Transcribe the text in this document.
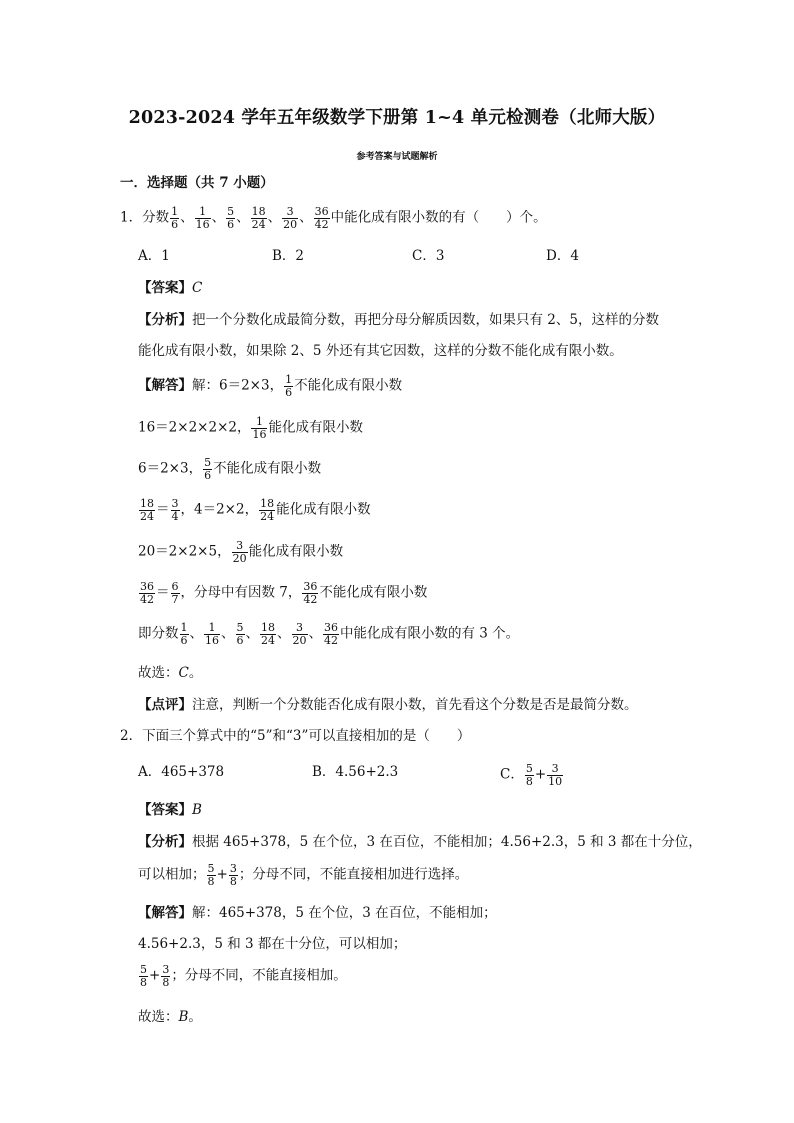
2023-2024 学年五年级数学下册第 1~4 单元检测卷（北师大版）
参考答案与试题解析
一．选择题（共 7 小题）
1．分数 $\frac{1}{6}$ 、 $\frac{1}{16}$ 、 $\frac{5}{6}$ 、 $\frac{18}{24}$ 、 $\frac{3}{20}$ 、 $\frac{36}{42}$ 中能化成有限小数的有（　　）个。
A．1	B．2	C．3	D．4
【答案】C
【分析】把一个分数化成最简分数，再把分母分解质因数，如果只有 2、5，这样的分数
能化成有限小数，如果除 2、5 外还有其它因数，这样的分数不能化成有限小数。
【解答】解：6＝2×3， $\frac{1}{6}$ 不能化成有限小数
16＝2×2×2×2， $\frac{1}{16}$ 能化成有限小数
6＝2×3， $\frac{5}{6}$ 不能化成有限小数
$\frac{18}{24} = \frac{3}{4}$ ，4＝2×2， $\frac{18}{24}$ 能化成有限小数
20＝2×2×5， $\frac{3}{20}$ 能化成有限小数
$\frac{36}{42} = \frac{6}{7}$ ，分母中有因数 7， $\frac{36}{42}$ 不能化成有限小数
即分数 $\frac{1}{6}$ 、 $\frac{1}{16}$ 、 $\frac{5}{6}$ 、 $\frac{18}{24}$ 、 $\frac{3}{20}$ 、 $\frac{36}{42}$ 中能化成有限小数的有 3 个。
故选：C。
【点评】注意，判断一个分数能否化成有限小数，首先看这个分数是否是最简分数。
2．下面三个算式中的“5”和“3”可以直接相加的是（　　）
A．465+378	B．4.56+2.3	C． $\frac{5}{8} + \frac{3}{10}$
【答案】B
【分析】根据 465+378，5 在个位，3 在百位，不能相加；4.56+2.3，5 和 3 都在十分位，
可以相加； $\frac{5}{8} + \frac{3}{8}$ ；分母不同，不能直接相加进行选择。
【解答】解：465+378，5 在个位，3 在百位，不能相加；
4.56+2.3，5 和 3 都在十分位，可以相加；
$\frac{5}{8} + \frac{3}{8}$ ；分母不同，不能直接相加。
故选：B。
